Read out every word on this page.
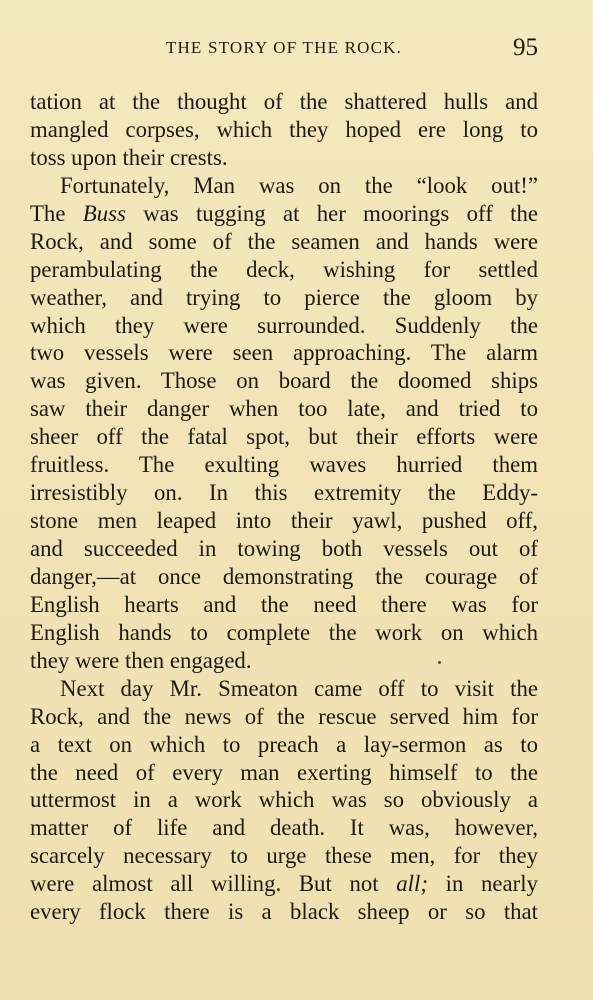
THE STORY OF THE ROCK.	95
tation at the thought of the shattered hulls and
mangled corpses, which they hoped ere long to
toss upon their crests.
Fortunately, Man was on the “look out!”
The Buss was tugging at her moorings off the
Rock, and some of the seamen and hands were
perambulating the deck, wishing for settled
weather, and trying to pierce the gloom by
which they were surrounded. Suddenly the
two vessels were seen approaching. The alarm
was given. Those on board the doomed ships
saw their danger when too late, and tried to
sheer off the fatal spot, but their efforts were
fruitless. The exulting waves hurried them
irresistibly on. In this extremity the Eddy-
stone men leaped into their yawl, pushed off,
and succeeded in towing both vessels out of
danger,—at once demonstrating the courage of
English hearts and the need there was for
English hands to complete the work on which
they were then engaged.
Next day Mr. Smeaton came off to visit the
Rock, and the news of the rescue served him for
a text on which to preach a lay-sermon as to
the need of every man exerting himself to the
uttermost in a work which was so obviously a
matter of life and death. It was, however,
scarcely necessary to urge these men, for they
were almost all willing. But not all; in nearly
every flock there is a black sheep or so that
